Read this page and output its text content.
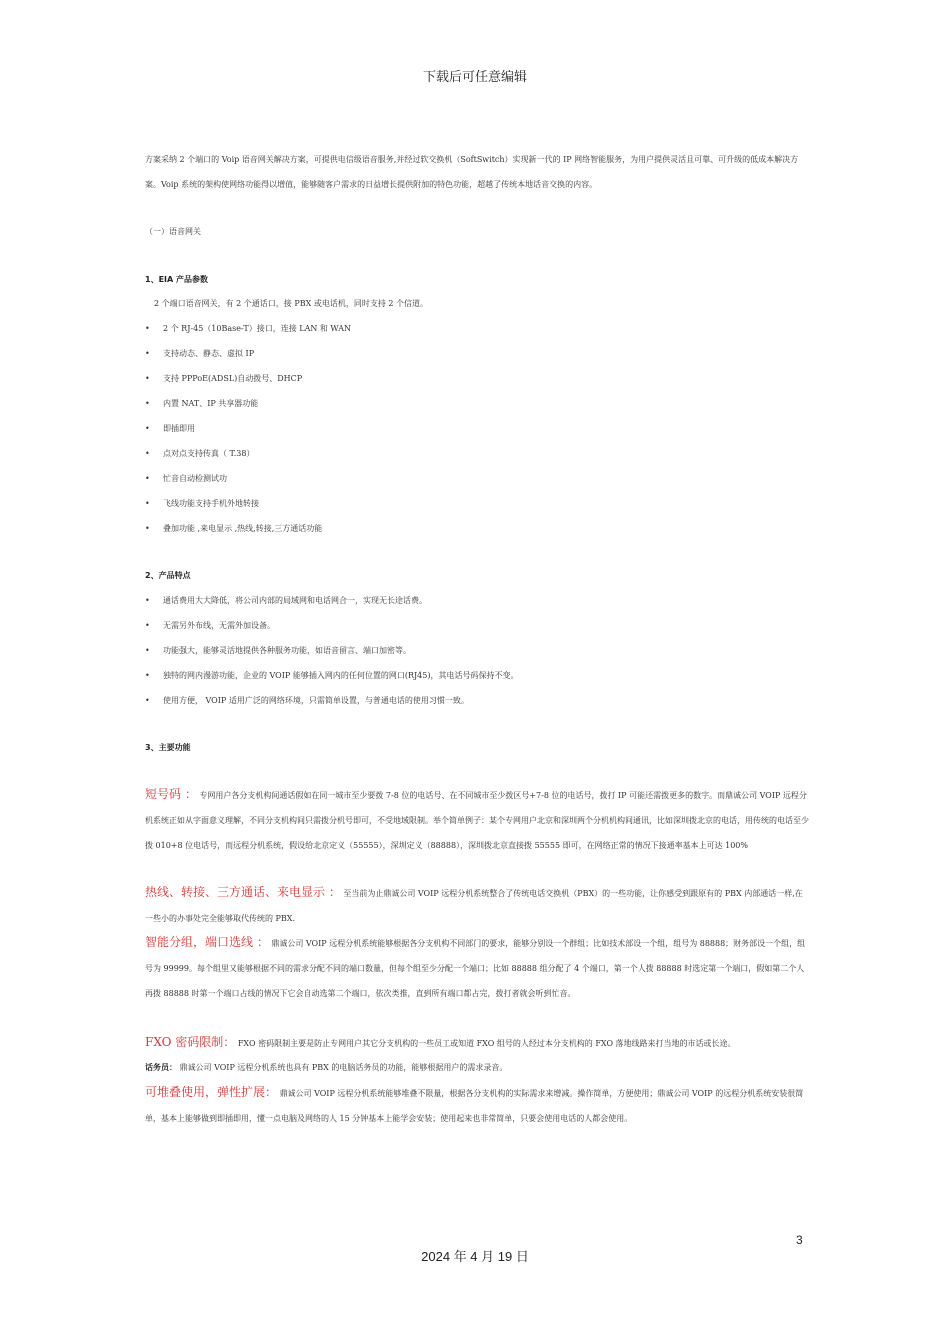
下载后可任意编辑
方案采纳 2 个端口的 Voip 语音网关解决方案，可提供电信级语音服务,并经过软交换机（SoftSwitch）实现新一代的 IP 网络智能服务，为用户提供灵活且可靠、可升级的低成本解决方案。Voip 系统的架构使网络功能得以增值，能够随客户需求的日益增长提供附加的特色功能，超越了传统本地话音交换的内容。
（一）语音网关
1、EIA 产品参数
2 个端口语音网关，有 2 个通话口，接 PBX 或电话机，同时支持 2 个信道。
• 2 个 RJ-45（10Base-T）接口，连接 LAN 和 WAN
• 支持动态、静态、虚拟 IP
• 支持 PPPoE(ADSL)自动拨号、DHCP
• 内置 NAT、IP 共享器功能
• 即插即用
• 点对点支持传真（ T.38）
• 忙音自动检测试功
• 飞线功能支持手机外地转接
• 叠加功能 ,来电显示 ,热线,转接,三方通话功能
2、产品特点
• 通话费用大大降低，将公司内部的局域网和电话网合一，实现无长途话费。
• 无需另外布线，无需外加设备。
• 功能强大，能够灵活地提供各种服务功能，如语音留言、端口加密等。
• 独特的网内漫游功能，企业的 VOIP 能够插入网内的任何位置的网口(RJ45)，其电话号码保持不变。
• 使用方便， VOIP 适用广泛的网络环境，只需简单设置，与普通电话的使用习惯一致。
3、主要功能
短号码 ： 专网用户各分支机构间通话假如在同一城市至少要拨 7-8 位的电话号、在不同城市至少拨区号+7-8 位的电话号，拨打 IP 可能还需拨更多的数字。而鼎诚公司 VOIP 远程分机系统正如从字面意义理解，不同分支机构间只需拨分机号即可，不受地域限制。举个简单例子：某个专网用户北京和深圳两个分机机构间通讯，比如深圳拨北京的电话，用传统的电话至少拨 010+8 位电话号，而远程分机系统，假设给北京定义（55555），深圳定义（88888），深圳拨北京直接拨 55555 即可，在网络正常的情况下接通率基本上可达 100%
热线、转接、三方通话、来电显示 ： 至当前为止鼎诚公司 VOIP 远程分机系统整合了传统电话交换机（PBX）的一些功能，让你感受到跟原有的 PBX 内部通话一样,在一些小的办事处完全能够取代传统的 PBX.
智能分组，端口选线 ： 鼎诚公司 VOIP 远程分机系统能够根据各分支机构不同部门的要求，能够分别设一个群组；比如技术部设一个组，组号为 88888；财务部设一个组，组号为 99999。每个组里又能够根据不同的需求分配不同的端口数量，但每个组至少分配一个端口；比如 88888 组分配了 4 个端口，第一个人拨 88888 时选定第一个端口，假如第二个人再拨 88888 时第一个端口占线的情况下它会自动选第二个端口，依次类推，直到所有端口都占完，拨打者就会听到忙音。
FXO 密码限制： FXO 密码限制主要是防止专网用户其它分支机构的一些员工或知道 FXO 组号的人经过本分支机构的 FXO 落地线路来打当地的市话或长途。
话务员： 鼎诚公司 VOIP 远程分机系统也具有 PBX 的电脑话务员的功能，能够根据用户的需求录音。
可堆叠使用，弹性扩展： 鼎诚公司 VOIP 远程分机系统能够堆叠不限量，根据各分支机构的实际需求来增减。操作简单，方便使用；鼎诚公司 VOIP 的远程分机系统安装很简单，基本上能够做到即插即用，懂一点电脑及网络的人 15 分钟基本上能学会安装；使用起来也非常简单，只要会使用电话的人都会使用。
3
2024 年 4 月 19 日
